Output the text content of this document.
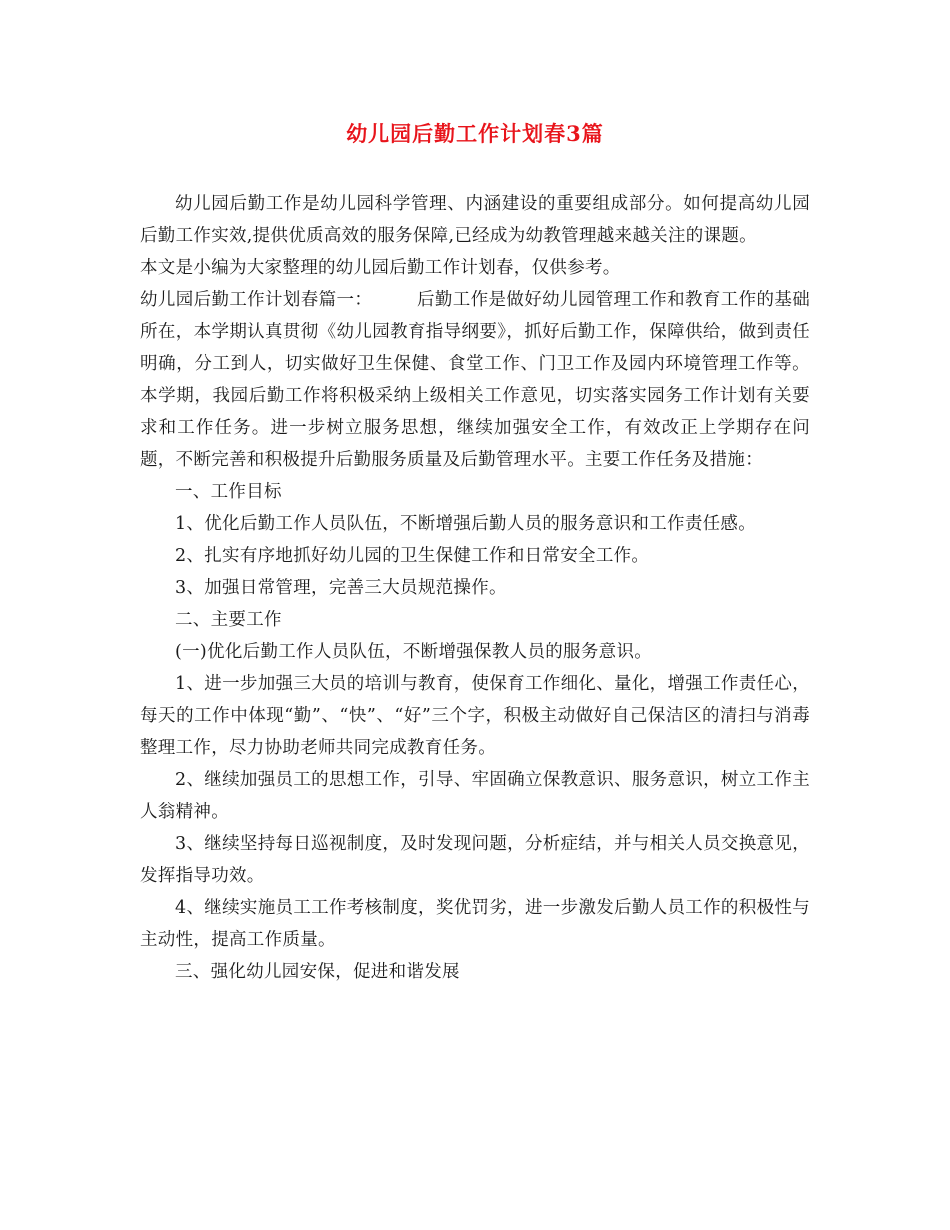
幼儿园后勤工作计划春3篇

幼儿园后勤工作是幼儿园科学管理、内涵建设的重要组成部分。如何提高幼儿园后勤工作实效,提供优质高效的服务保障,已经成为幼教管理越来越关注的课题。

本文是小编为大家整理的幼儿园后勤工作计划春，仅供参考。

幼儿园后勤工作计划春篇一：　　　后勤工作是做好幼儿园管理工作和教育工作的基础所在，本学期认真贯彻《幼儿园教育指导纲要》，抓好后勤工作，保障供给，做到责任明确，分工到人，切实做好卫生保健、食堂工作、门卫工作及园内环境管理工作等。本学期，我园后勤工作将积极采纳上级相关工作意见，切实落实园务工作计划有关要求和工作任务。进一步树立服务思想，继续加强安全工作，有效改正上学期存在问题，不断完善和积极提升后勤服务质量及后勤管理水平。主要工作任务及措施：

一、工作目标

1、优化后勤工作人员队伍，不断增强后勤人员的服务意识和工作责任感。

2、扎实有序地抓好幼儿园的卫生保健工作和日常安全工作。

3、加强日常管理，完善三大员规范操作。

二、主要工作

(一)优化后勤工作人员队伍，不断增强保教人员的服务意识。

1、进一步加强三大员的培训与教育，使保育工作细化、量化，增强工作责任心，每天的工作中体现“勤”、“快”、“好”三个字，积极主动做好自己保洁区的清扫与消毒整理工作，尽力协助老师共同完成教育任务。

2、继续加强员工的思想工作，引导、牢固确立保教意识、服务意识，树立工作主人翁精神。

3、继续坚持每日巡视制度，及时发现问题，分析症结，并与相关人员交换意见，发挥指导功效。

4、继续实施员工工作考核制度，奖优罚劣，进一步激发后勤人员工作的积极性与主动性，提高工作质量。

三、强化幼儿园安保，促进和谐发展
